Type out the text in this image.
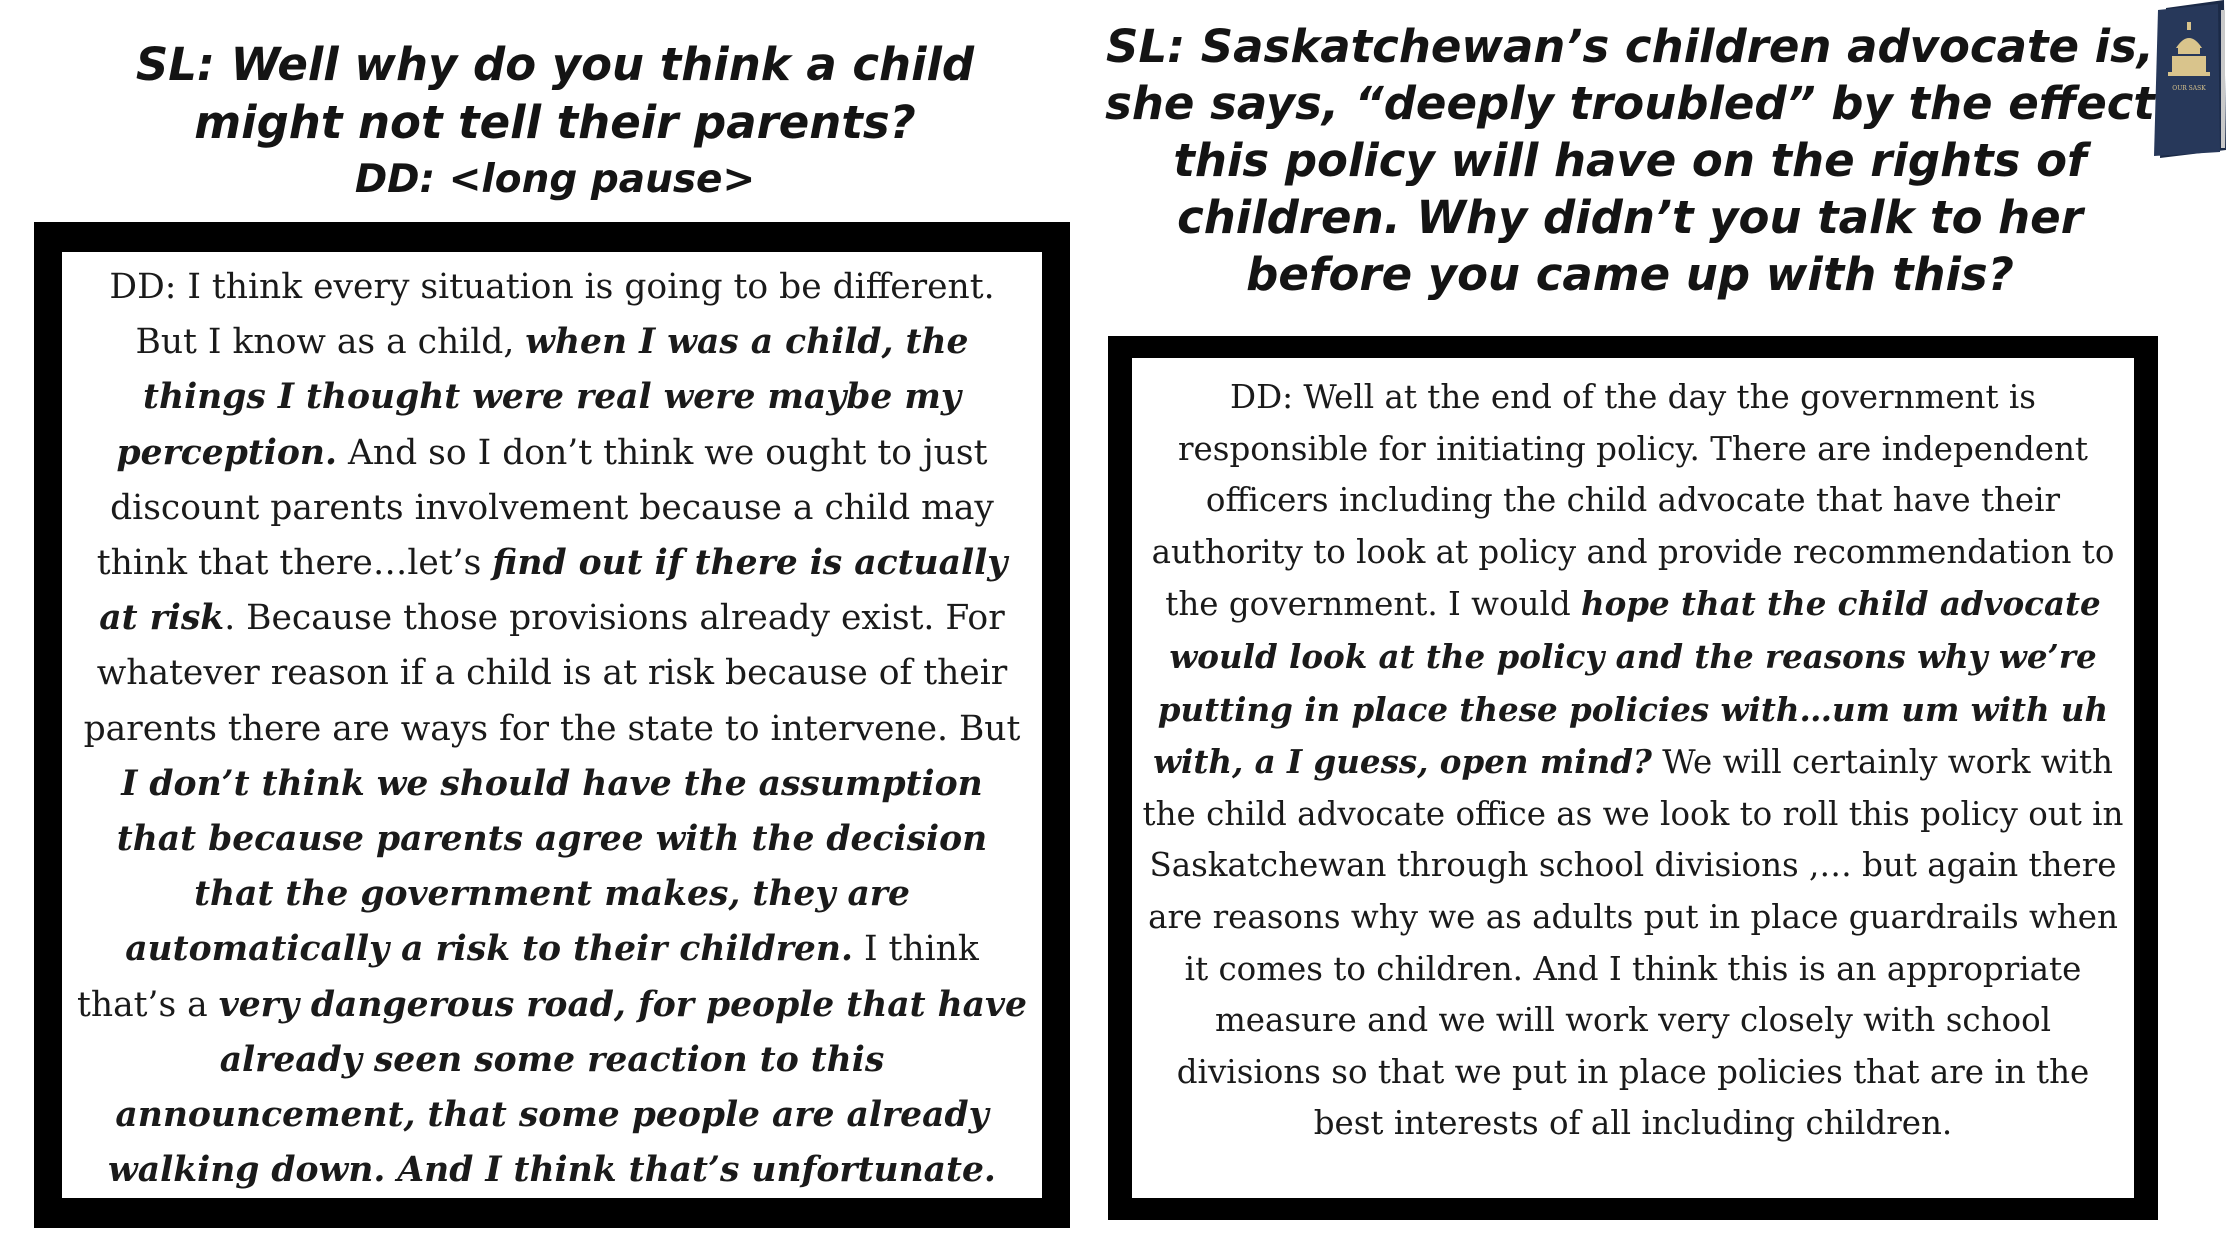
SL: Well why do you think a child might not tell their parents?
DD: <long pause>
DD: I think every situation is going to be different. But I know as a child, when I was a child, the things I thought were real were maybe my perception. And so I don’t think we ought to just discount parents involvement because a child may think that there…let’s find out if there is actually at risk. Because those provisions already exist. For whatever reason if a child is at risk because of their parents there are ways for the state to intervene. But I don’t think we should have the assumption that because parents agree with the decision that the government makes, they are automatically a risk to their children. I think that’s a very dangerous road, for people that have already seen some reaction to this announcement, that some people are already walking down. And I think that’s unfortunate.
SL: Saskatchewan’s children advocate is, she says, “deeply troubled” by the effect this policy will have on the rights of children. Why didn’t you talk to her before you came up with this?
DD: Well at the end of the day the government is responsible for initiating policy. There are independent officers including the child advocate that have their authority to look at policy and provide recommendation to the government. I would hope that the child advocate would look at the policy and the reasons why we’re putting in place these policies with…um um with uh with, a I guess, open mind? We will certainly work with the child advocate office as we look to roll this policy out in Saskatchewan through school divisions ,… but again there are reasons why we as adults put in place guardrails when it comes to children. And I think this is an appropriate measure and we will work very closely with school divisions so that we put in place policies that are in the best interests of all including children.
OUR SASK
